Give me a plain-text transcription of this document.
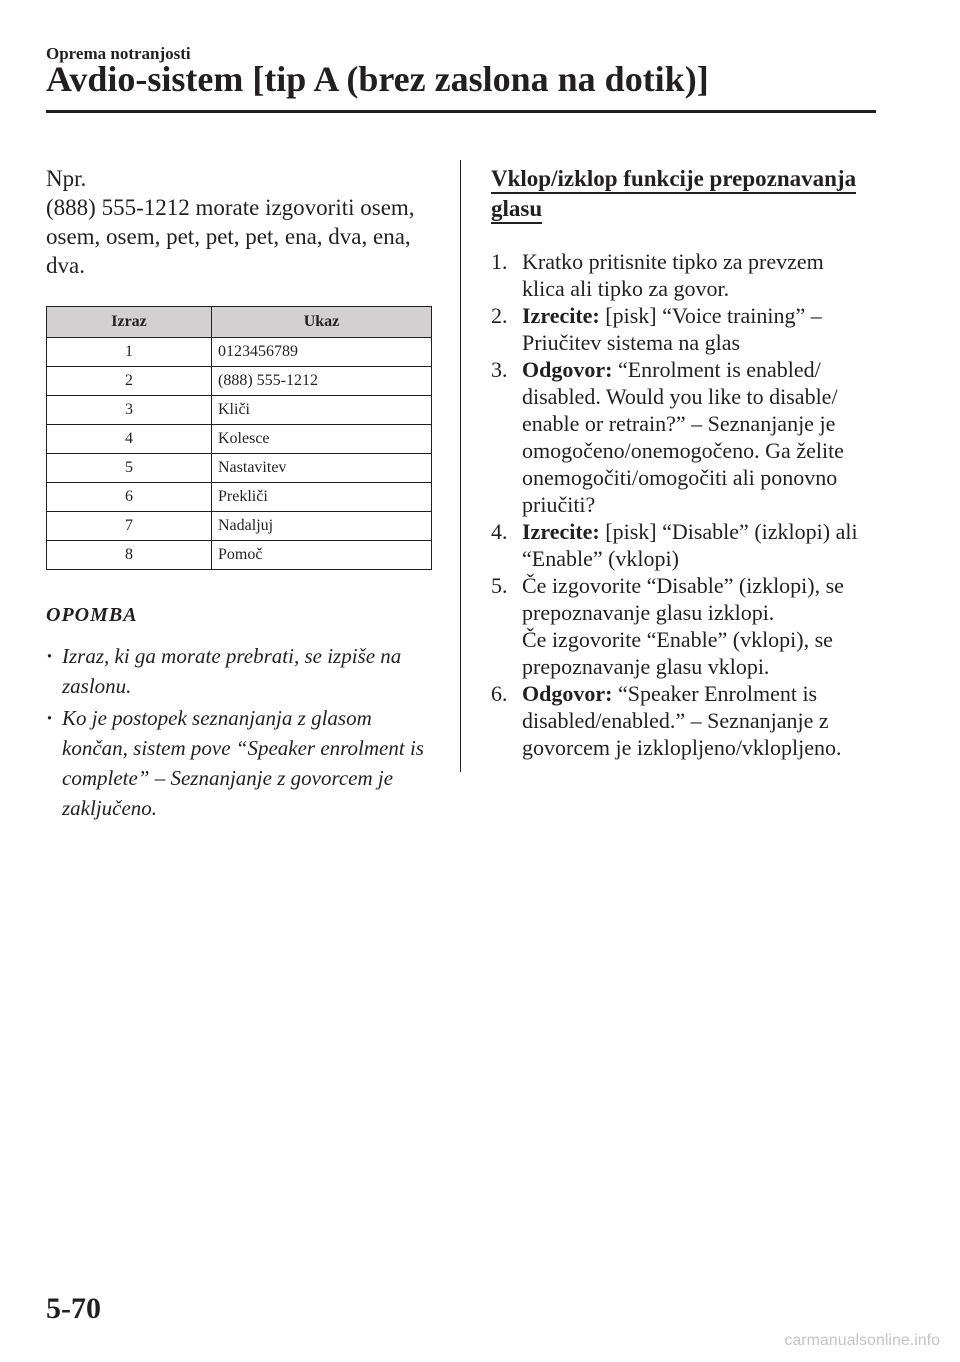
Oprema notranjosti
Avdio-sistem [tip A (brez zaslona na dotik)]

Npr.
(888) 555-1212 morate izgovoriti osem, osem, osem, pet, pet, pet, ena, dva, ena, dva.

Izraz	Ukaz
1	0123456789
2	(888) 555-1212
3	Kliči
4	Kolesce
5	Nastavitev
6	Prekliči
7	Nadaljuj
8	Pomoč
OPOMBA
· Izraz, ki ga morate prebrati, se izpiše na zaslonu.
· Ko je postopek seznanjanja z glasom končan, sistem pove “Speaker enrolment is complete” – Seznanjanje z govorcem je zaključeno.

Vklop/izklop funkcije prepoznavanja glasu

1. Kratko pritisnite tipko za prevzem klica ali tipko za govor.
2. Izrecite: [pisk] “Voice training” – Priučitev sistema na glas
3. Odgovor: “Enrolment is enabled/ disabled. Would you like to disable/ enable or retrain?” – Seznanjanje je omogočeno/onemogočeno. Ga želite onemogočiti/omogočiti ali ponovno priučiti?
4. Izrecite: [pisk] “Disable” (izklopi) ali “Enable” (vklopi)
5. Če izgovorite “Disable” (izklopi), se prepoznavanje glasu izklopi.
Če izgovorite “Enable” (vklopi), se prepoznavanje glasu vklopi.
6. Odgovor: “Speaker Enrolment is disabled/enabled.” – Seznanjanje z govorcem je izklopljeno/vklopljeno.
5-70
carmanualsonline.info
